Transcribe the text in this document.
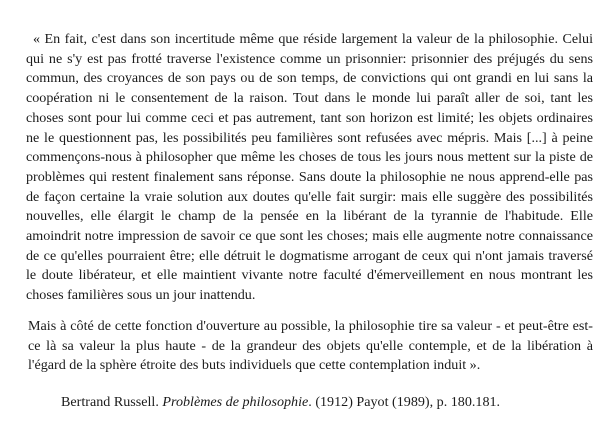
« En fait, c'est dans son incertitude même que réside largement la valeur de la philosophie. Celui qui ne s'y est pas frotté traverse l'existence comme un prisonnier: prisonnier des préjugés du sens commun, des croyances de son pays ou de son temps, de convictions qui ont grandi en lui sans la coopération ni le consentement de la raison. Tout dans le monde lui paraît aller de soi, tant les choses sont pour lui comme ceci et pas autrement, tant son horizon est limité; les objets ordinaires ne le questionnent pas, les possibilités peu familières sont refusées avec mépris. Mais [...] à peine commençons-nous à philosopher que même les choses de tous les jours nous mettent sur la piste de problèmes qui restent finalement sans réponse. Sans doute la philosophie ne nous apprend-elle pas de façon certaine la vraie solution aux doutes qu'elle fait surgir: mais elle suggère des possibilités nouvelles, elle élargit le champ de la pensée en la libérant de la tyrannie de l'habitude. Elle amoindrit notre impression de savoir ce que sont les choses; mais elle augmente notre connaissance de ce qu'elles pourraient être; elle détruit le dogmatisme arrogant de ceux qui n'ont jamais traversé le doute libérateur, et elle maintient vivante notre faculté d'émerveillement en nous montrant les choses familières sous un jour inattendu.

Mais à côté de cette fonction d'ouverture au possible, la philosophie tire sa valeur - et peut-être est-ce là sa valeur la plus haute - de la grandeur des objets qu'elle contemple, et de la libération à l'égard de la sphère étroite des buts individuels que cette contemplation induit ».

Bertrand Russell. Problèmes de philosophie. (1912) Payot (1989), p. 180.181.
